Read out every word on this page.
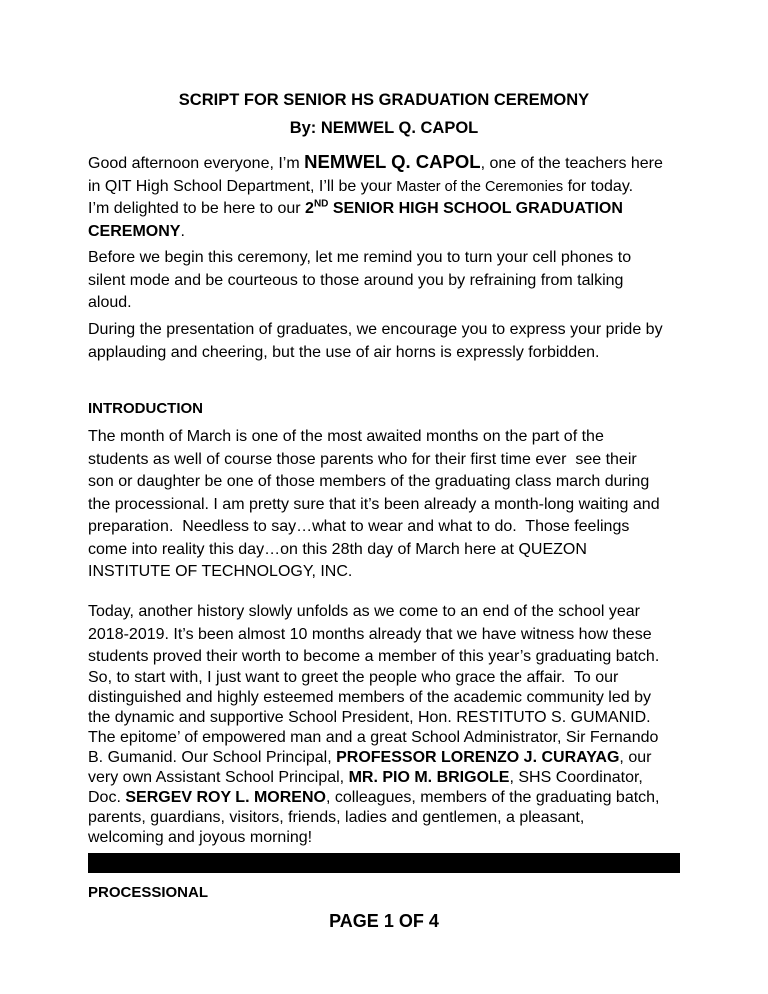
SCRIPT FOR SENIOR HS GRADUATION CEREMONY
By: NEMWEL Q. CAPOL
Good afternoon everyone, I’m NEMWEL Q. CAPOL, one of the teachers here
in QIT High School Department, I’ll be your Master of the Ceremonies for today.
I’m delighted to be here to our 2ND SENIOR HIGH SCHOOL GRADUATION
CEREMONY.
Before we begin this ceremony, let me remind you to turn your cell phones to
silent mode and be courteous to those around you by refraining from talking
aloud.
During the presentation of graduates, we encourage you to express your pride by
applauding and cheering, but the use of air horns is expressly forbidden.
INTRODUCTION
The month of March is one of the most awaited months on the part of the
students as well of course those parents who for their first time ever  see their
son or daughter be one of those members of the graduating class march during
the processional. I am pretty sure that it’s been already a month-long waiting and
preparation.  Needless to say…what to wear and what to do.  Those feelings
come into reality this day…on this 28th day of March here at QUEZON
INSTITUTE OF TECHNOLOGY, INC.
Today, another history slowly unfolds as we come to an end of the school year
2018-2019. It’s been almost 10 months already that we have witness how these
students proved their worth to become a member of this year’s graduating batch.
So, to start with, I just want to greet the people who grace the affair.  To our
distinguished and highly esteemed members of the academic community led by
the dynamic and supportive School President, Hon. RESTITUTO S. GUMANID.
The epitome’ of empowered man and a great School Administrator, Sir Fernando
B. Gumanid. Our School Principal, PROFESSOR LORENZO J. CURAYAG, our
very own Assistant School Principal, MR. PIO M. BRIGOLE, SHS Coordinator,
Doc. SERGEV ROY L. MORENO, colleagues, members of the graduating batch,
parents, guardians, visitors, friends, ladies and gentlemen, a pleasant,
welcoming and joyous morning!
PROCESSIONAL
PAGE 1 OF 4
